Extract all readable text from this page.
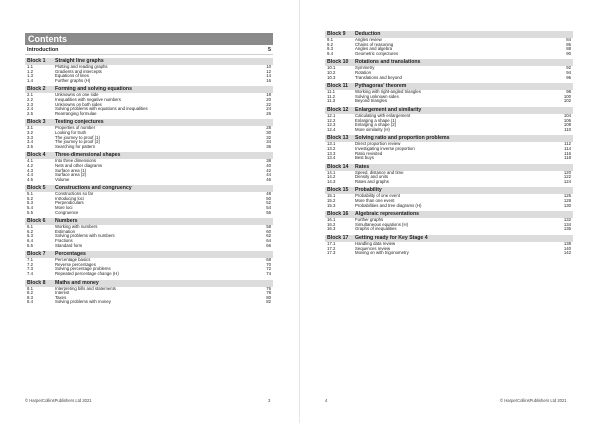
Contents
Introduction	5
Block 1	Straight line graphs
1.1	Plotting and reading graphs	10
1.2	Gradients and intercepts	12
1.3	Equations of lines	14
1.4	Further graphs (H)	16
Block 2	Forming and solving equations
2.1	Unknowns on one side	18
2.2	Inequalities with negative numbers	20
2.3	Unknowns on both sides	22
2.4	Solving problems with equations and inequalities	24
2.5	Rearranging formulae	26
Block 3	Testing conjectures
3.1	Properties of number	28
3.2	Looking for truth	30
3.3	The journey to proof (1)	32
3.4	The journey to proof (2)	34
3.5	Searching for pattern	36
Block 4	Three-dimensional shapes
4.1	Into three dimensions	38
4.2	Nets and other diagrams	40
4.3	Surface area (1)	42
4.4	Surface area (2)	44
4.5	Volume	46
Block 5	Constructions and congruency
5.1	Constructions so far	48
5.2	Introducing loci	50
5.3	Perpendiculars	52
5.4	More loci	54
5.5	Congruence	56
Block 6	Numbers
6.1	Working with numbers	58
6.2	Estimation	60
6.3	Solving problems with numbers	62
6.4	Fractions	64
6.5	Standard form	66
Block 7	Percentages
7.1	Percentage basics	68
7.2	Reverse percentages	70
7.3	Solving percentage problems	72
7.4	Repeated percentage change (H)	74
Block 8	Maths and money
8.1	Interpreting bills and statements	76
8.2	Interest	78
8.3	Taxes	80
8.4	Solving problems with money	82
© HarperCollinsPublishers Ltd 2021	3
Block 9	Deduction
9.1	Angles review	84
9.2	Chains of reasoning	86
9.3	Angles and algebra	88
9.4	Geometric conjectures	90
Block 10	Rotations and translations
10.1	Symmetry	92
10.2	Rotation	94
10.3	Translations and beyond	96
Block 11	Pythagoras' theorem
11.1	Working with right-angled triangles	98
11.2	Solving unknown sides	100
11.3	Beyond triangles	102
Block 12	Enlargement and similarity
12.1	Calculating with enlargement	104
12.2	Enlarging a shape (1)	106
12.3	Enlarging a shape (2)	108
12.4	More similarity (H)	110
Block 13	Solving ratio and proportion problems
13.1	Direct proportion review	112
13.2	Investigating inverse proportion	114
13.3	Ratio revisited	116
13.4	Best buys	118
Block 14	Rates
14.1	Speed, distance and time	120
14.2	Density and units	122
14.3	Rates and graphs	124
Block 15	Probability
15.1	Probability of one event	126
15.2	More than one event	128
15.3	Probabilities and tree diagrams (H)	130
Block 16	Algebraic representations
16.1	Further graphs	132
16.2	Simultaneous equations (H)	134
16.3	Graphs of inequalities	136
Block 17	Getting ready for Key Stage 4
17.1	Handling data review	138
17.2	Sequences review	140
17.3	Moving on with trigonometry	142
4	© HarperCollinsPublishers Ltd 2021
